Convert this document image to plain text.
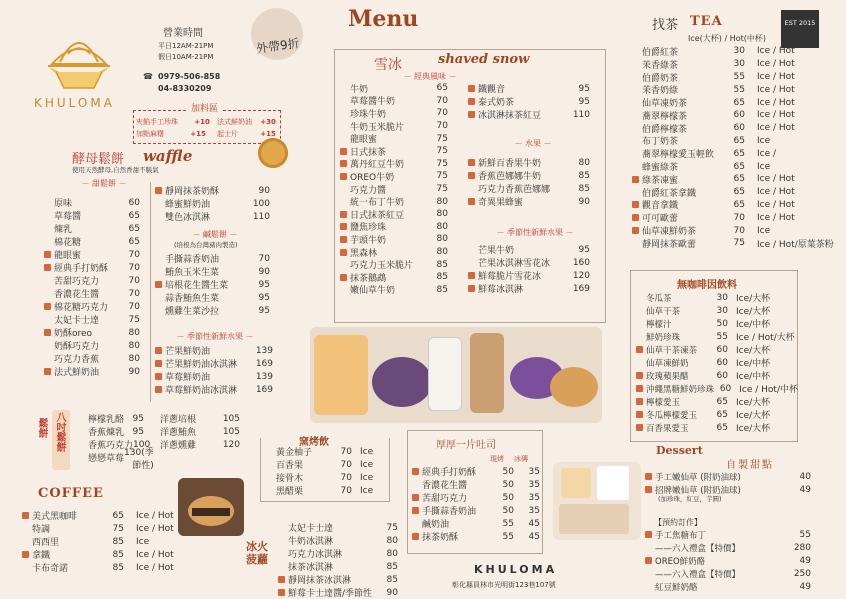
KHULOMA
營業時間
平日12AM-21PM
假日10AM-21PM
☎ 0979-506-858
04-8330209
外帶9折
加料區
夾餡手工珍珠 +10 法式鮮奶油 +30
加點麻糬	+15 起士片	+15
Menu
酵母鬆餅 waffle
使用天然酵母,自然香甜不脹氣
－ 甜鬆餅 －
原味	60
草莓醬	65
煉乳	65
棉花糖	65
龍眼蜜	70
經典手打奶酥	70
苦甜巧克力	70
香濃花生醬	70
棉花糖巧克力	70
太妃卡士達	75
奶酥oreo	80
奶酥巧克力	80
巧克力香蕉	80
法式鮮奶油	90
靜岡抹茶奶酥	90
蜂蜜鮮奶油	100
雙色冰淇淋	110
－ 鹹鬆餅 －
(培根為台灣豬肉製造)
手撕蒜香奶油	70
鮪魚玉米生菜	90
培根花生醬生菜	95
蒜香鮪魚生菜	95
燻雞生菜沙拉	95
－ 季節性新鮮水果 －
芒果鮮奶油	139
芒果鮮奶油冰淇淋	169
草莓鮮奶油	139
草莓鮮奶油冰淇淋	169
八吋鬆餅
鬆餅	檸檬乳酪 95
香蕉煉乳 95
香蕉巧克力 100
戀戀草莓
130(季節性)
洋蔥培根	105
洋蔥鮪魚	105
洋蔥燻雞	120
COFFEE
美式黑咖啡	65	Ice / Hot
特調	75	Ice / Hot
西西里	85	Ice
拿鐵	85	Ice / Hot
卡布奇諾	85	Ice / Hot
雪冰	shaved snow
－ 經典風味 －
牛奶	65
草莓醬牛奶	70
珍珠牛奶	70
牛奶玉米脆片	70
龍眼蜜	75
日式抹茶	75
萬丹紅豆牛奶	75
OREO牛奶	75
巧克力醬	75
統一布丁牛奶	80
日式抹茶紅豆	80
鹽焦珍珠	80
芋頭牛奶	80
黑森林	80
巧克力玉米脆片	85
抹茶鵝鵡	85
嫩仙草牛奶	85
鐵觀音	95
泰式奶茶	95
冰淇淋抹茶紅豆	110
－ 水果 －
新鮮百香果牛奶	80
香蕉芭娜娜牛奶	85
巧克力香蕉芭娜娜	85
奇異果蜂蜜	90
－ 季節性新鮮水果 －
芒果牛奶	95
芒果冰淇淋雪花冰	160
鮮莓脆片雪花冰	120
鮮莓冰淇淋	169
找茶 TEA	EST 2015
Ice(大杯) / Hot(中杯)
伯爵紅茶	30	Ice / Hot
茉香綠茶	30	Ice / Hot
伯爵奶茶	55	Ice / Hot
茉香奶綠	55	Ice / Hot
仙草凍奶茶	65	Ice / Hot
蕎翠檸檬茶	60	Ice / Hot
伯爵檸檬茶	60	Ice / Hot
布丁奶茶	65	Ice
蕎翠檸檬愛玉輕飲	65	Ice /
蜂蜜綠茶	65	Ice
綠茶凍蜜	65	Ice / Hot
伯爵紅茶拿鐵	65	Ice / Hot
觀音拿鐵	65	Ice / Hot
可可歐蕾	70	Ice / Hot
仙草凍鮮奶茶	70	Ice
靜岡抹茶歐蕾	75	Ice / Hot/原葉茶粉
無咖啡因飲料
冬瓜茶	30 Ice/大杯
仙草干茶	30 Ice/大杯
檸檬汁	50 Ice/中杯
鮮奶珍珠	55 Ice / Hot/大杯
仙草干茶凍茶	60 Ice/大杯
仙草凍鮮奶	60 Ice/中杯
玫瑰蘋果醋	60 Ice/中杯
沖繩黑糖鮮奶珍珠 60 Ice / Hot/中杯
檸檬愛玉	65 Ice/大杯
冬瓜檸檬愛玉	65 Ice/大杯
百香果愛玉	65 Ice/大杯
窯烤飲
黃金柚子	70 Ice
百香果	70 Ice
接骨木	70 Ice
黑醋栗	70 Ice
厚厚一片吐司
現烤 冰磚
經典手打奶酥	50	35
香濃花生醬	50	35
苦甜巧克力	50	35
手撕蒜香奶油	50	35
鹹奶油	55	45
抹茶奶酥	55	45
KHULOMA
彰化縣員林市光明街123巷107號
冰火菠蘿
太妃卡士達	75
牛奶冰淇淋	80
巧克力冰淇淋	80
抹茶冰淇淋	85
靜岡抹茶冰淇淋	85
鮮莓卡士達醬/季節性	90
Dessert
自製甜點
手工嫩仙草 (附奶油球)	40
招牌嫩仙草 (附奶油球)	49
(加珍珠，紅豆，芋圓)
【預約訂作】
手工焦糖布丁	55
——六入禮盒【特價】	280
OREO鮮奶酪	49
——六入禮盒【特價】	250
紅豆鮮奶酪	49
